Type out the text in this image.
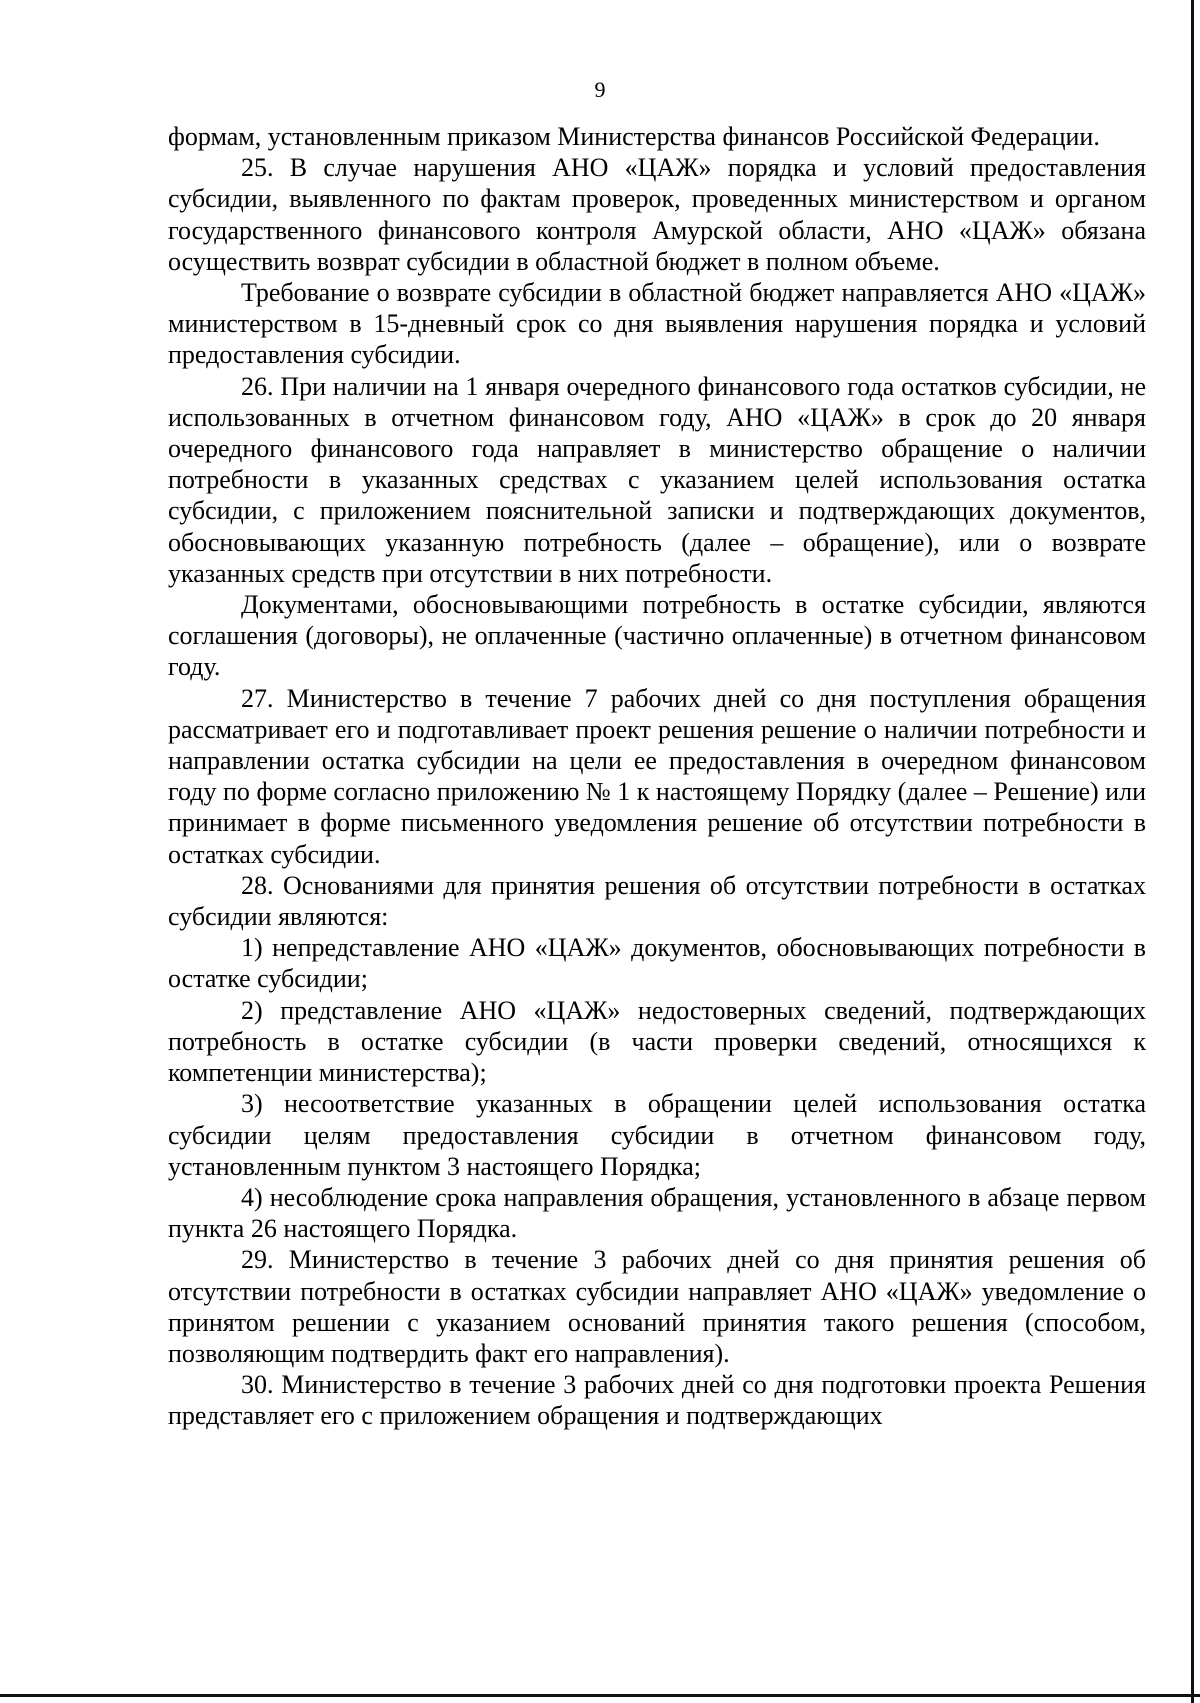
9

формам, установленным приказом Министерства финансов Российской Федерации.

25. В случае нарушения АНО «ЦАЖ» порядка и условий предоставления субсидии, выявленного по фактам проверок, проведенных министерством и органом государственного финансового контроля Амурской области, АНО «ЦАЖ» обязана осуществить возврат субсидии в областной бюджет в полном объеме.

Требование о возврате субсидии в областной бюджет направляется АНО «ЦАЖ» министерством в 15-дневный срок со дня выявления нарушения порядка и условий предоставления субсидии.

26. При наличии на 1 января очередного финансового года остатков субсидии, не использованных в отчетном финансовом году, АНО «ЦАЖ» в срок до 20 января очередного финансового года направляет в министерство обращение о наличии потребности в указанных средствах с указанием целей использования остатка субсидии, с приложением пояснительной записки и подтверждающих документов, обосновывающих указанную потребность (далее – обращение), или о возврате указанных средств при отсутствии в них потребности.

Документами, обосновывающими потребность в остатке субсидии, являются соглашения (договоры), не оплаченные (частично оплаченные) в отчетном финансовом году.

27. Министерство в течение 7 рабочих дней со дня поступления обращения рассматривает его и подготавливает проект решения решение о наличии потребности и направлении остатка субсидии на цели ее предоставления в очередном финансовом году по форме согласно приложению № 1 к настоящему Порядку (далее – Решение) или принимает в форме письменного уведомления решение об отсутствии потребности в остатках субсидии.

28. Основаниями для принятия решения об отсутствии потребности в остатках субсидии являются:

1) непредставление АНО «ЦАЖ» документов, обосновывающих потребности в остатке субсидии;

2) представление АНО «ЦАЖ» недостоверных сведений, подтверждающих потребность в остатке субсидии (в части проверки сведений, относящихся к компетенции министерства);

3) несоответствие указанных в обращении целей использования остатка субсидии целям предоставления субсидии в отчетном финансовом году, установленным пунктом 3 настоящего Порядка;

4) несоблюдение срока направления обращения, установленного в абзаце первом пункта 26 настоящего Порядка.

29. Министерство в течение 3 рабочих дней со дня принятия решения об отсутствии потребности в остатках субсидии направляет АНО «ЦАЖ» уведомление о принятом решении с указанием оснований принятия такого решения (способом, позволяющим подтвердить факт его направления).

30. Министерство в течение 3 рабочих дней со дня подготовки проекта Решения представляет его с приложением обращения и подтверждающих
